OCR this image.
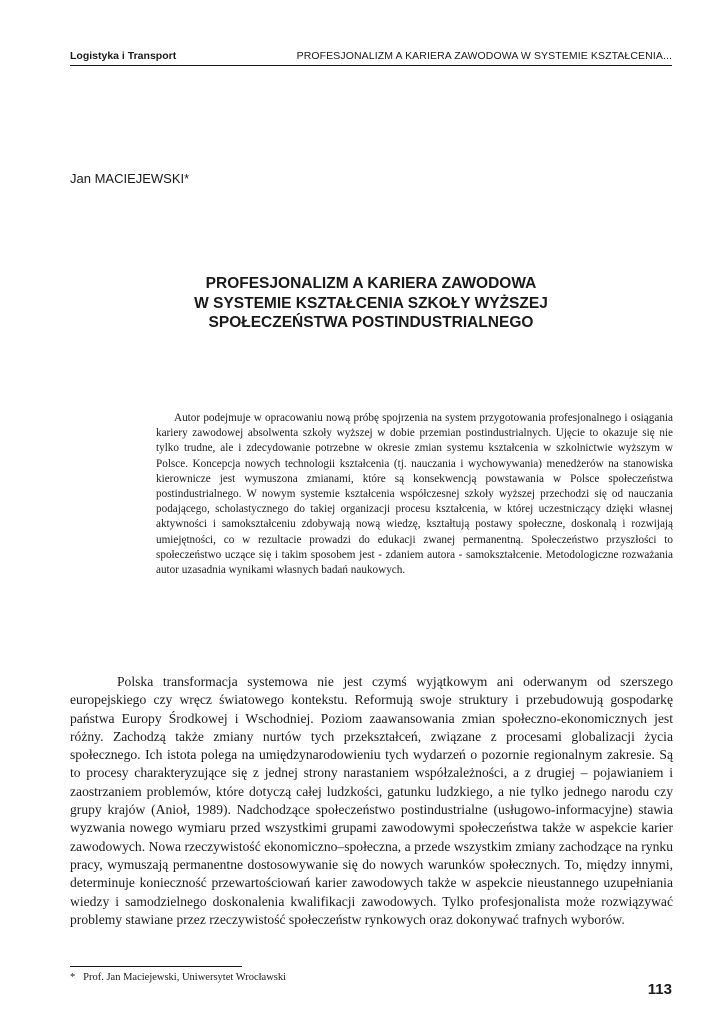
Logistyka i Transport	PROFESJONALIZM A KARIERA ZAWODOWA W SYSTEMIE KSZTAŁCENIA...
Jan MACIEJEWSKI*
PROFESJONALIZM A KARIERA ZAWODOWA
W SYSTEMIE KSZTAŁCENIA SZKOŁY WYŻSZEJ
SPOŁECZEŃSTWA POSTINDUSTRIALNEGO

Autor podejmuje w opracowaniu nową próbę spojrzenia na system przygotowania profesjonalnego i osiągania kariery zawodowej absolwenta szkoły wyższej w dobie przemian postindustrialnych. Ujęcie to okazuje się nie tylko trudne, ale i zdecydowanie potrzebne w okresie zmian systemu kształcenia w szkolnictwie wyższym w Polsce. Koncepcja nowych technologii kształcenia (tj. nauczania i wychowywania) menedżerów na stanowiska kierownicze jest wymuszona zmianami, które są konsekwencją powstawania w Polsce społeczeństwa postindustrialnego. W nowym systemie kształcenia współczesnej szkoły wyższej przechodzi się od nauczania podającego, scholastycznego do takiej organizacji procesu kształcenia, w której uczestniczący dzięki własnej aktywności i samokształceniu zdobywają nową wiedzę, kształtują postawy społeczne, doskonalą i rozwijają umiejętności, co w rezultacie prowadzi do edukacji zwanej permanentną. Społeczeństwo przyszłości to społeczeństwo uczące się i takim sposobem jest - zdaniem autora - samokształcenie. Metodologiczne rozważania autor uzasadnia wynikami własnych badań naukowych.

Polska transformacja systemowa nie jest czymś wyjątkowym ani oderwanym od szerszego europejskiego czy wręcz światowego kontekstu. Reformują swoje struktury i przebudowują gospodarkę państwa Europy Środkowej i Wschodniej. Poziom zaawansowania zmian społeczno-ekonomicznych jest różny. Zachodzą także zmiany nurtów tych przekształceń, związane z procesami globalizacji życia społecznego. Ich istota polega na umiędzynarodowieniu tych wydarzeń o pozornie regionalnym zakresie. Są to procesy charakteryzujące się z jednej strony narastaniem współzależności, a z drugiej – pojawianiem i zaostrzaniem problemów, które dotyczą całej ludzkości, gatunku ludzkiego, a nie tylko jednego narodu czy grupy krajów (Anioł, 1989). Nadchodzące społeczeństwo postindustrialne (usługowo-informacyjne) stawia wyzwania nowego wymiaru przed wszystkimi grupami zawodowymi społeczeństwa także w aspekcie karier zawodowych. Nowa rzeczywistość ekonomiczno–społeczna, a przede wszystkim zmiany zachodzące na rynku pracy, wymuszają permanentne dostosowywanie się do nowych warunków społecznych. To, między innymi, determinuje konieczność przewartościowań karier zawodowych także w aspekcie nieustannego uzupełniania wiedzy i samodzielnego doskonalenia kwalifikacji zawodowych. Tylko profesjonalista może rozwiązywać problemy stawiane przez rzeczywistość społeczeństw rynkowych oraz dokonywać trafnych wyborów.

*   Prof. Jan Maciejewski, Uniwersytet Wrocławski
113
